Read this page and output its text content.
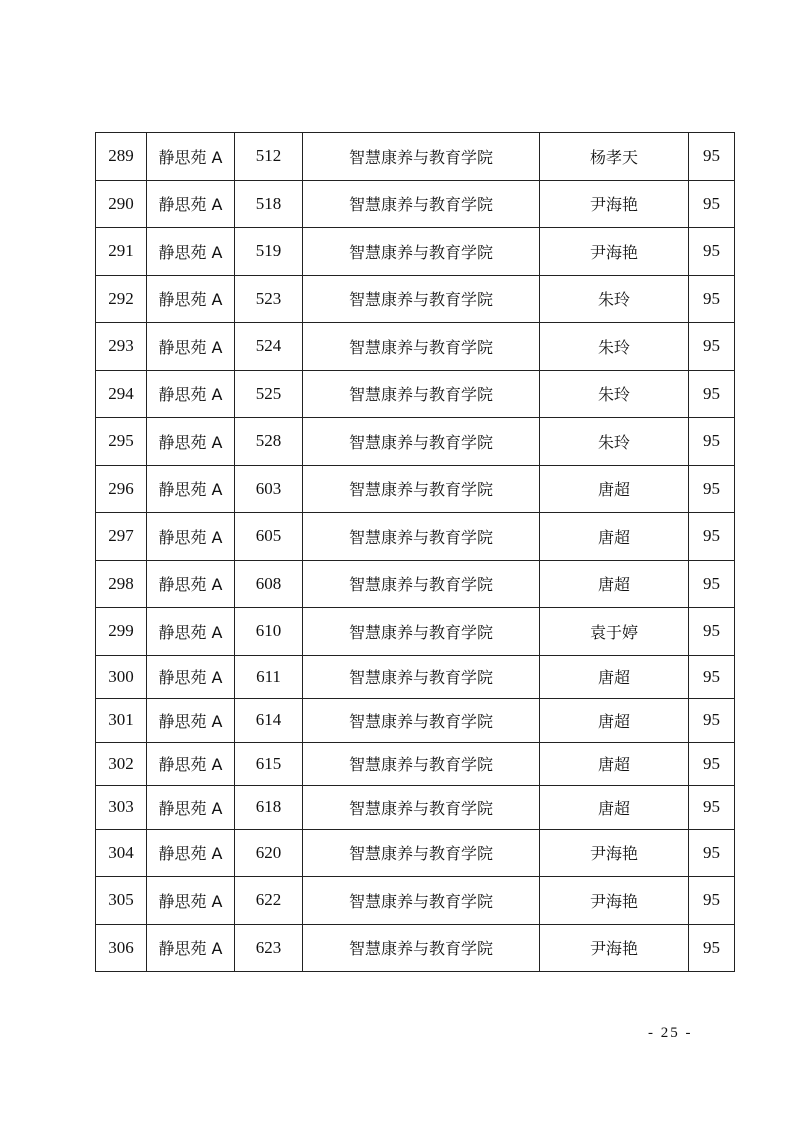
289	静思苑 A	512	智慧康养与教育学院	杨孝天	95
290	静思苑 A	518	智慧康养与教育学院	尹海艳	95
291	静思苑 A	519	智慧康养与教育学院	尹海艳	95
292	静思苑 A	523	智慧康养与教育学院	朱玲	95
293	静思苑 A	524	智慧康养与教育学院	朱玲	95
294	静思苑 A	525	智慧康养与教育学院	朱玲	95
295	静思苑 A	528	智慧康养与教育学院	朱玲	95
296	静思苑 A	603	智慧康养与教育学院	唐超	95
297	静思苑 A	605	智慧康养与教育学院	唐超	95
298	静思苑 A	608	智慧康养与教育学院	唐超	95
299	静思苑 A	610	智慧康养与教育学院	袁于婷	95
300	静思苑 A	611	智慧康养与教育学院	唐超	95
301	静思苑 A	614	智慧康养与教育学院	唐超	95
302	静思苑 A	615	智慧康养与教育学院	唐超	95
303	静思苑 A	618	智慧康养与教育学院	唐超	95
304	静思苑 A	620	智慧康养与教育学院	尹海艳	95
305	静思苑 A	622	智慧康养与教育学院	尹海艳	95
306	静思苑 A	623	智慧康养与教育学院	尹海艳	95
- 25 -
